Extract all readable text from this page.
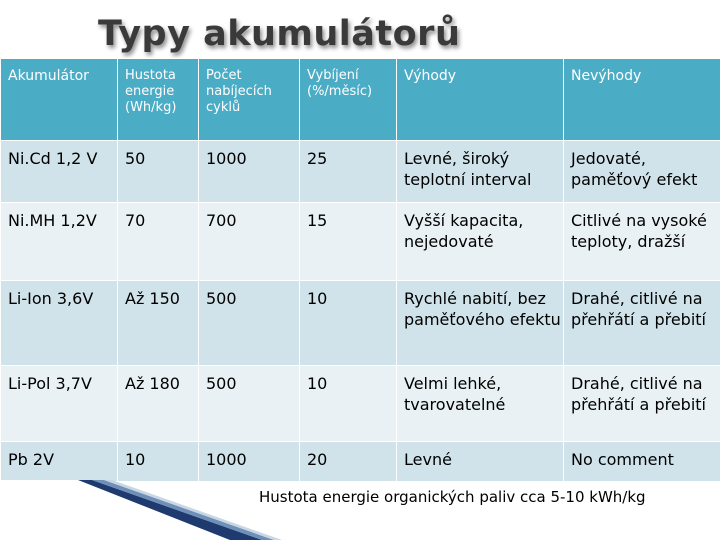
Typy akumulátorů
Akumulátor	Hustota energie (Wh/kg)	Počet nabíjecích cyklů	Vybíjení (%/měsíc)	Výhody	Nevýhody
Ni.Cd 1,2 V	50	1000	25	Levné, široký teplotní interval	Jedovaté, paměťový efekt
Ni.MH 1,2V	70	700	15	Vyšší kapacita, nejedovaté	Citlivé na vysoké teploty, dražší
Li-Ion 3,6V	Až 150	500	10	Rychlé nabití, bez paměťového efektu	Drahé, citlivé na přehřátí a přebití
Li-Pol 3,7V	Až 180	500	10	Velmi lehké, tvarovatelné	Drahé, citlivé na přehřátí a přebití
Pb 2V	10	1000	20	Levné	No comment
Hustota energie organických paliv cca 5-10 kWh/kg
